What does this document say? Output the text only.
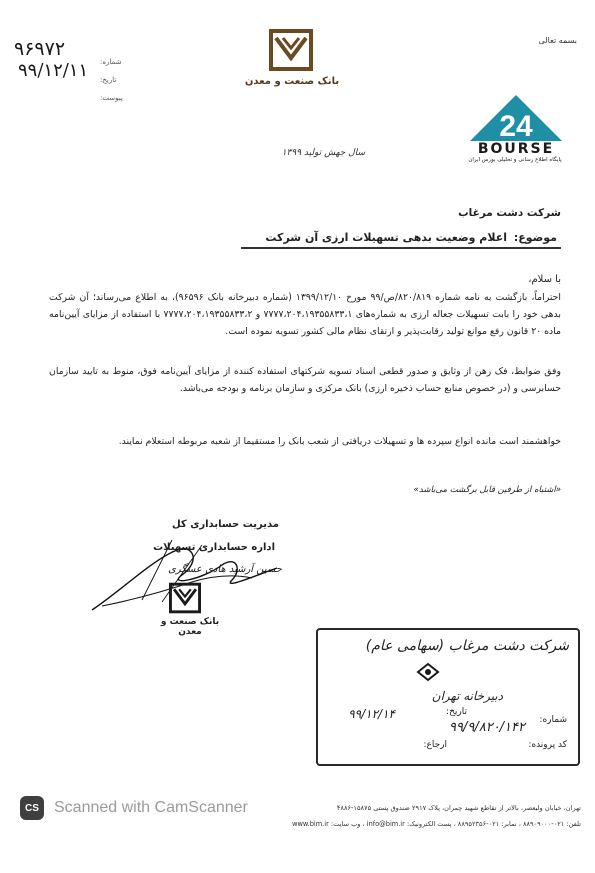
بسمه تعالی
۹۶۹۷۲
۹۹/۱۲/۱۱ شماره:
تاریخ:
پیوست:
بانک صنعت و معدن
24
BOURSE
پایگاه اطلاع رسانی و تحلیلی بورس ایران
سال جهش تولید ۱۳۹۹
شرکت دشت مرغاب
موضوع:
اعلام وضعیت بدهی تسهیلات ارزی آن شرکت
با سلام،
احتراماً، بازگشت به نامه شماره ۸۲۰/۸۱۹/ص/۹۹ مورخ ۱۳۹۹/۱۲/۱۰ (شماره دبیرخانه بانک ۹۶۵۹۶)، به اطلاع می‌رساند؛ آن شرکت بدهی خود را بابت تسهیلات جعاله ارزی به شماره‌های ۷۷۷۷،۲۰۴،۱۹۳۵۵۸۳۳،۱ و ۷۷۷۷،۲۰۴،۱۹۳۵۵۸۳۳،۲ با استفاده از مزایای آیین‌نامه ماده ۲۰ قانون رفع موانع تولید رقابت‌پذیر و ارتقای نظام مالی کشور تسویه نموده است.
وفق ضوابط، فک رهن از وثایق و صدور قطعی اسناد تسویه شرکتهای استفاده کننده از مزایای آیین‌نامه فوق، منوط به تایید سازمان حسابرسی و (در خصوص منابع حساب ذخیره ارزی) بانک مرکزی و سازمان برنامه و بودجه می‌باشد.
خواهشمند است مانده انواع سپرده ها و تسهیلات دریافتی از شعب بانک را مستقیما از شعبه مربوطه استعلام نمایند.
«اشتباه از طرفین قابل برگشت می‌باشد»
مدیریت حسابداری کل
اداره حسابداری تسهیلات
حسین آرشید هادی عسگری
بانک صنعت و معدن
شرکت دشت مرغاب (سهامی عام)
دبیرخانه تهران
تاریخ:
۹۹/۱۲/۱۴	شماره:
۹۹/۹/۸۲۰/۱۴۲
کد پرونده:
ارجاع:
تهران، خیابان ولیعصر، بالاتر از تقاطع شهید چمران، پلاک ۲۹۱۷ صندوق پستی ۱۵۸۷۵-۴۸۸۶
تلفن: ۰۲۱-۸۸۹۰۹۰۰۰ ، نمابر: ۰۲۱-۸۸۹۵۲۳۵۶ ، پست الکترونیک: info@bim.ir ، وب سایت: www.bim.ir
CS Scanned with CamScanner
